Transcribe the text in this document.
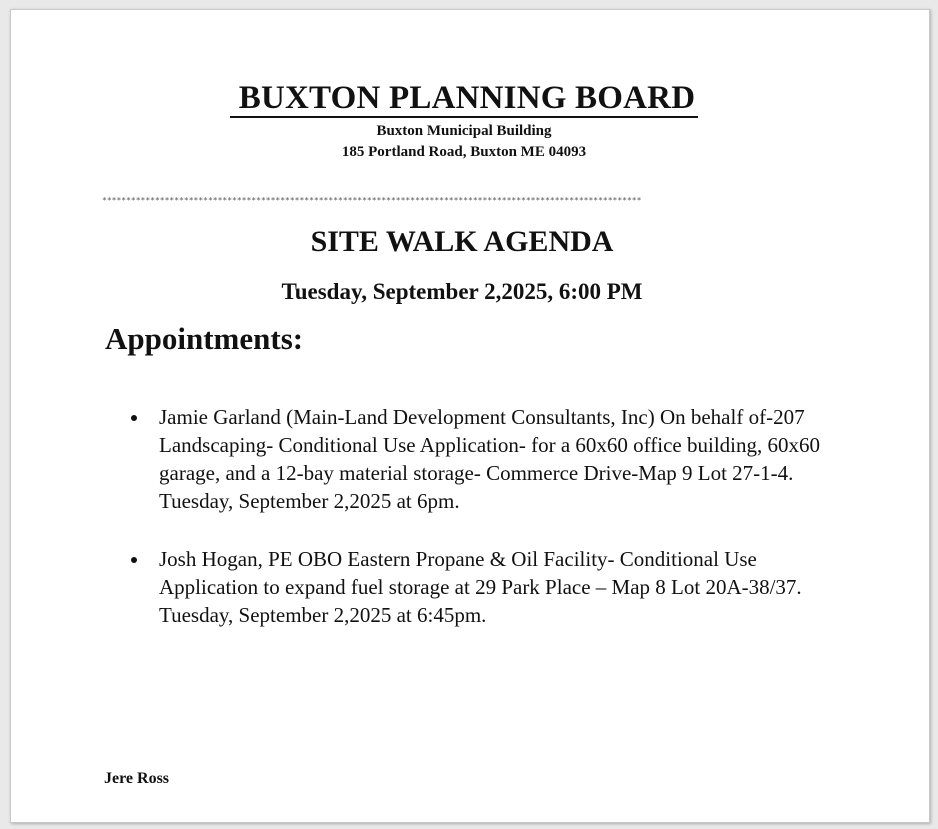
BUXTON PLANNING BOARD
Buxton Municipal Building
185 Portland Road, Buxton ME 04093
****************************************************************************************************************
SITE WALK AGENDA
Tuesday, September 2,2025, 6:00 PM
Appointments:
Jamie Garland (Main-Land Development Consultants, Inc) On behalf of-207 Landscaping- Conditional Use Application- for a 60x60 office building, 60x60 garage, and a 12-bay material storage- Commerce Drive-Map 9 Lot 27-1-4. Tuesday, September 2,2025 at 6pm.
Josh Hogan, PE OBO Eastern Propane & Oil Facility- Conditional Use Application to expand fuel storage at 29 Park Place – Map 8 Lot 20A-38/37. Tuesday, September 2,2025 at 6:45pm.
Jere Ross
